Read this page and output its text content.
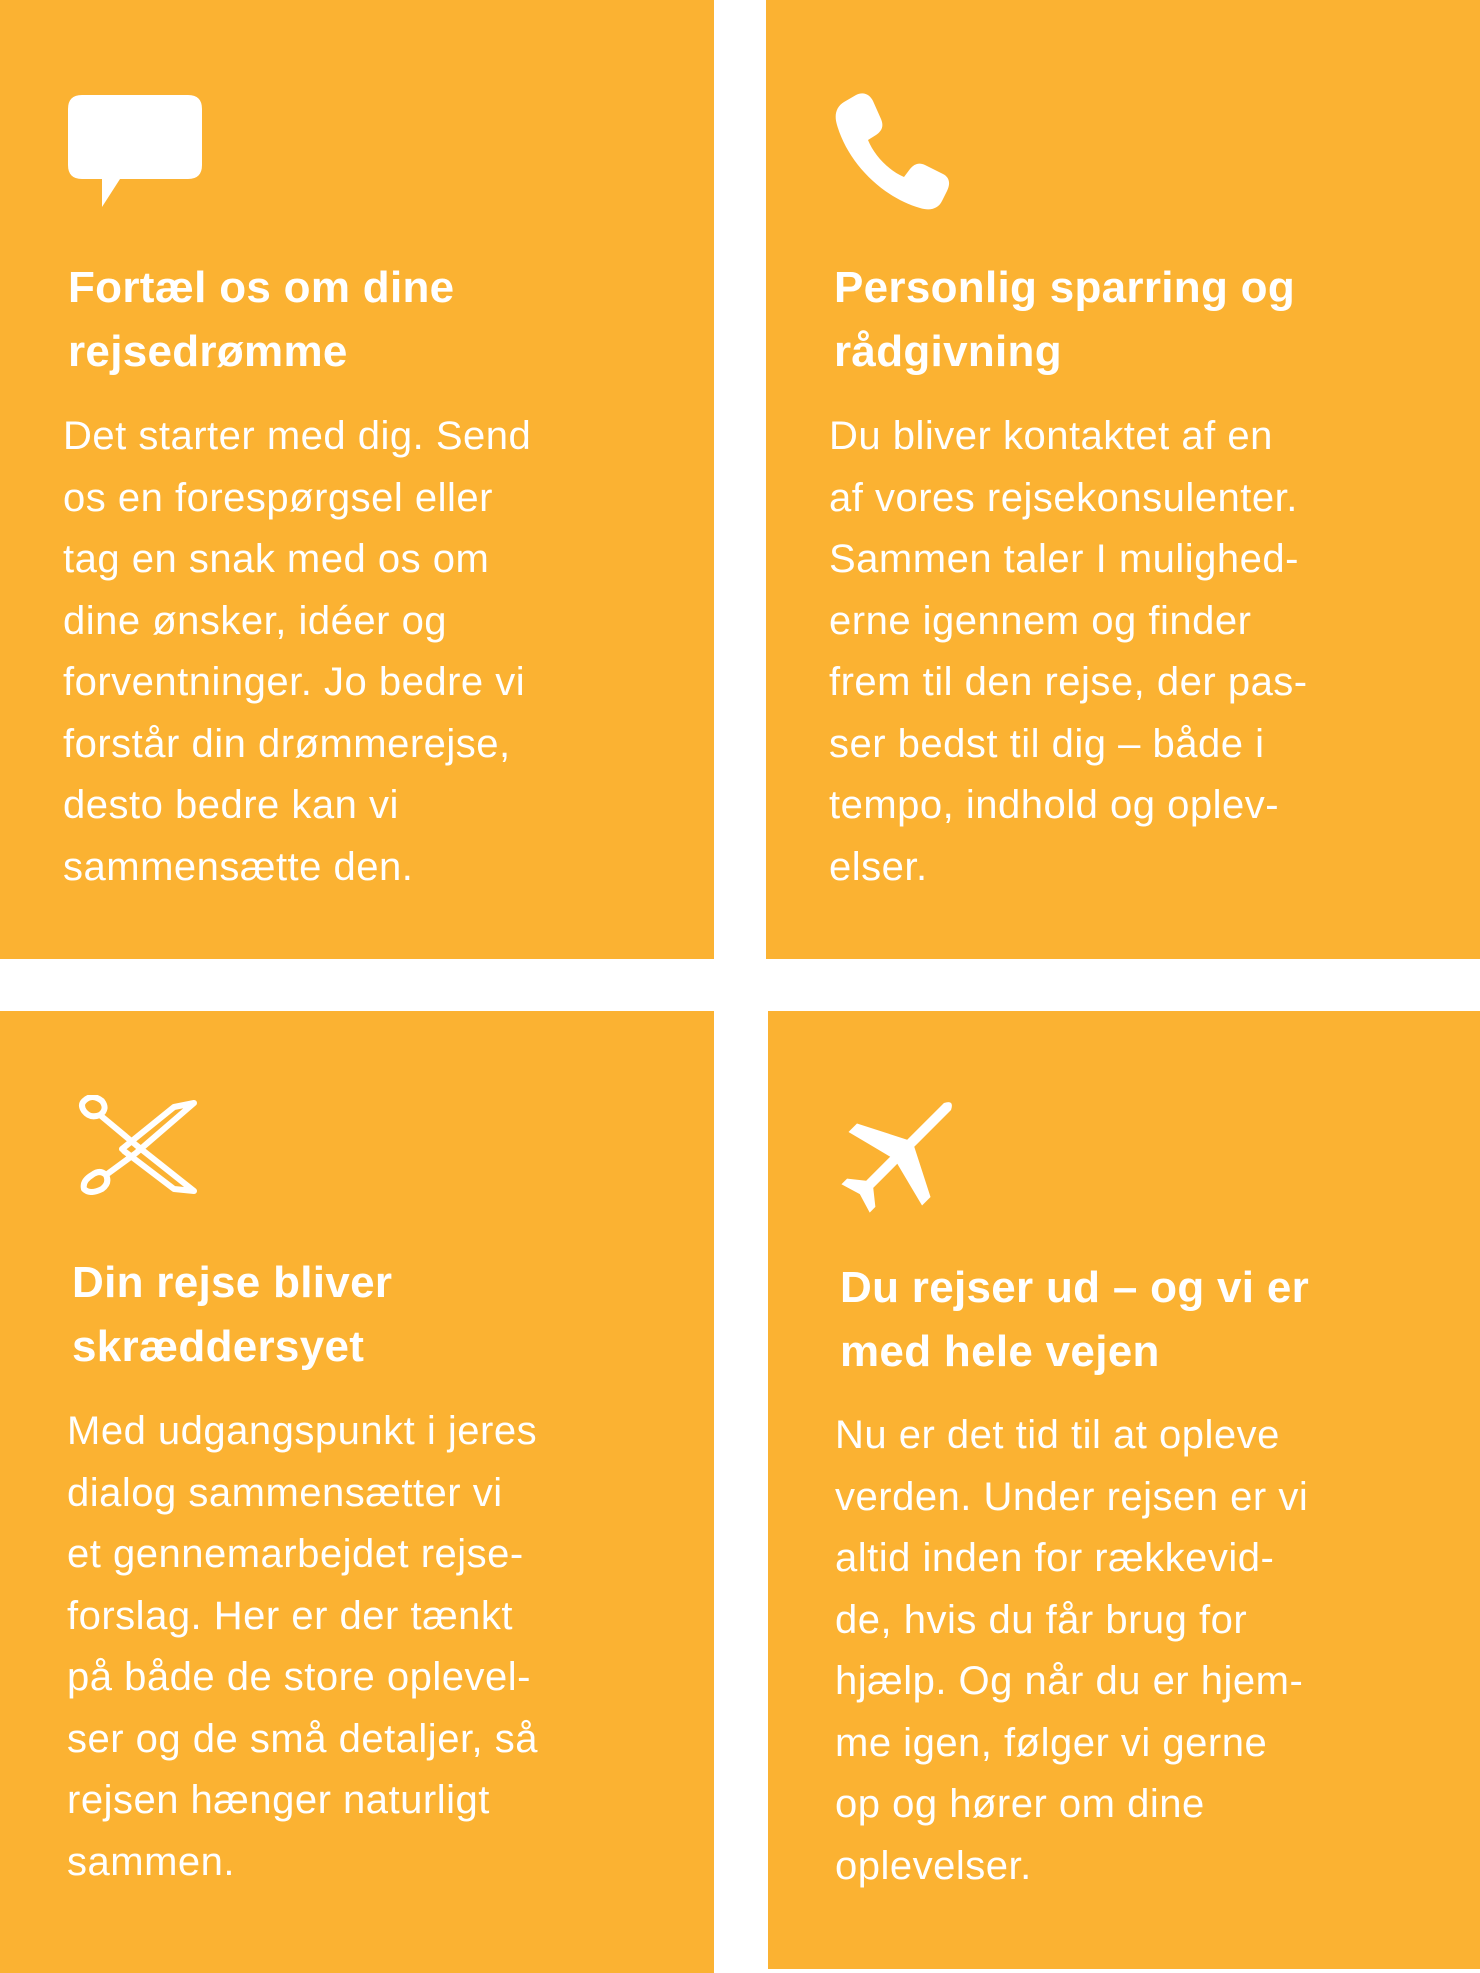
Fortæl os om dine
rejsedrømme

Det starter med dig. Send
os en forespørgsel eller
tag en snak med os om
dine ønsker, idéer og
forventninger. Jo bedre vi
forstår din drømmerejse,
desto bedre kan vi
sammensætte den.

Personlig sparring og
rådgivning

Du bliver kontaktet af en
af vores rejsekonsulenter.
Sammen taler I mulighed-
erne igennem og finder
frem til den rejse, der pas-
ser bedst til dig – både i
tempo, indhold og oplev-
elser.

Din rejse bliver
skræddersyet

Med udgangspunkt i jeres
dialog sammensætter vi
et gennemarbejdet rejse-
forslag. Her er der tænkt
på både de store oplevel-
ser og de små detaljer, så
rejsen hænger naturligt
sammen.

Du rejser ud – og vi er
med hele vejen

Nu er det tid til at opleve
verden. Under rejsen er vi
altid inden for rækkevid-
de, hvis du får brug for
hjælp. Og når du er hjem-
me igen, følger vi gerne
op og hører om dine
oplevelser.
